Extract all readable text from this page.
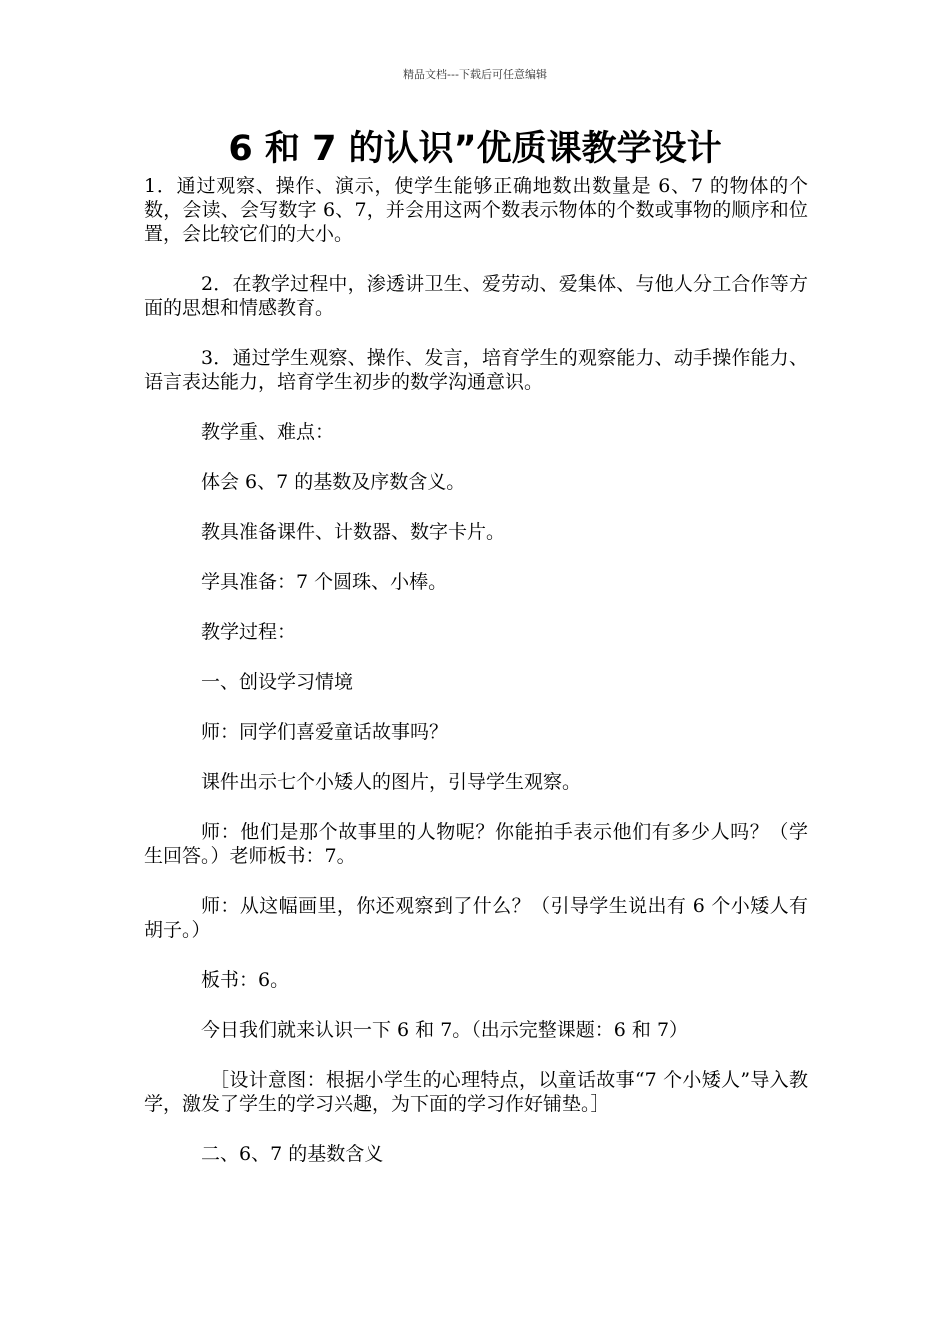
精品文档---下载后可任意编辑
6 和 7 的认识”优质课教学设计

1．通过观察、操作、演示，使学生能够正确地数出数量是 6、7 的物体的个数，会读、会写数字 6、7，并会用这两个数表示物体的个数或事物的顺序和位置，会比较它们的大小。

2．在教学过程中，渗透讲卫生、爱劳动、爱集体、与他人分工合作等方面的思想和情感教育。

3．通过学生观察、操作、发言，培育学生的观察能力、动手操作能力、语言表达能力，培育学生初步的数学沟通意识。

教学重、难点：

体会 6、7 的基数及序数含义。

教具准备课件、计数器、数字卡片。

学具准备：7 个圆珠、小棒。

教学过程：

一、创设学习情境

师：同学们喜爱童话故事吗？

课件出示七个小矮人的图片，引导学生观察。

师：他们是那个故事里的人物呢？你能拍手表示他们有多少人吗？（学生回答。）老师板书：7。

师：从这幅画里，你还观察到了什么？（引导学生说出有 6 个小矮人有胡子。）

板书：6。

今日我们就来认识一下 6 和 7。（出示完整课题：6 和 7）

［设计意图：根据小学生的心理特点，以童话故事“7 个小矮人”导入教学，激发了学生的学习兴趣，为下面的学习作好铺垫。］

二、6、7 的基数含义
